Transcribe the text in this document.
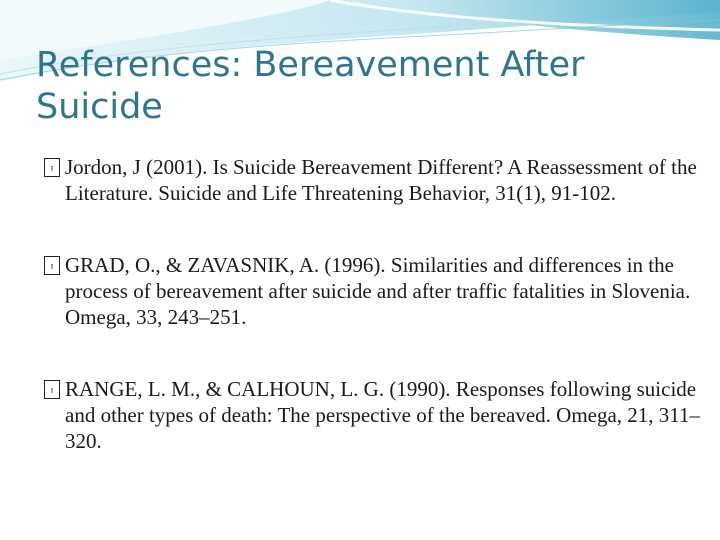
References: Bereavement After Suicide
▯ Jordon, J (2001). Is Suicide Bereavement Different? A Reassessment of the Literature. Suicide and Life Threatening Behavior, 31(1), 91-102.
▯ GRAD, O., & ZAVASNIK, A. (1996). Similarities and differences in the process of bereavement after suicide and after traffic fatalities in Slovenia. Omega, 33, 243–251.
▯ RANGE, L. M., & CALHOUN, L. G. (1990). Responses following suicide and other types of death: The perspective of the bereaved. Omega, 21, 311–320.
